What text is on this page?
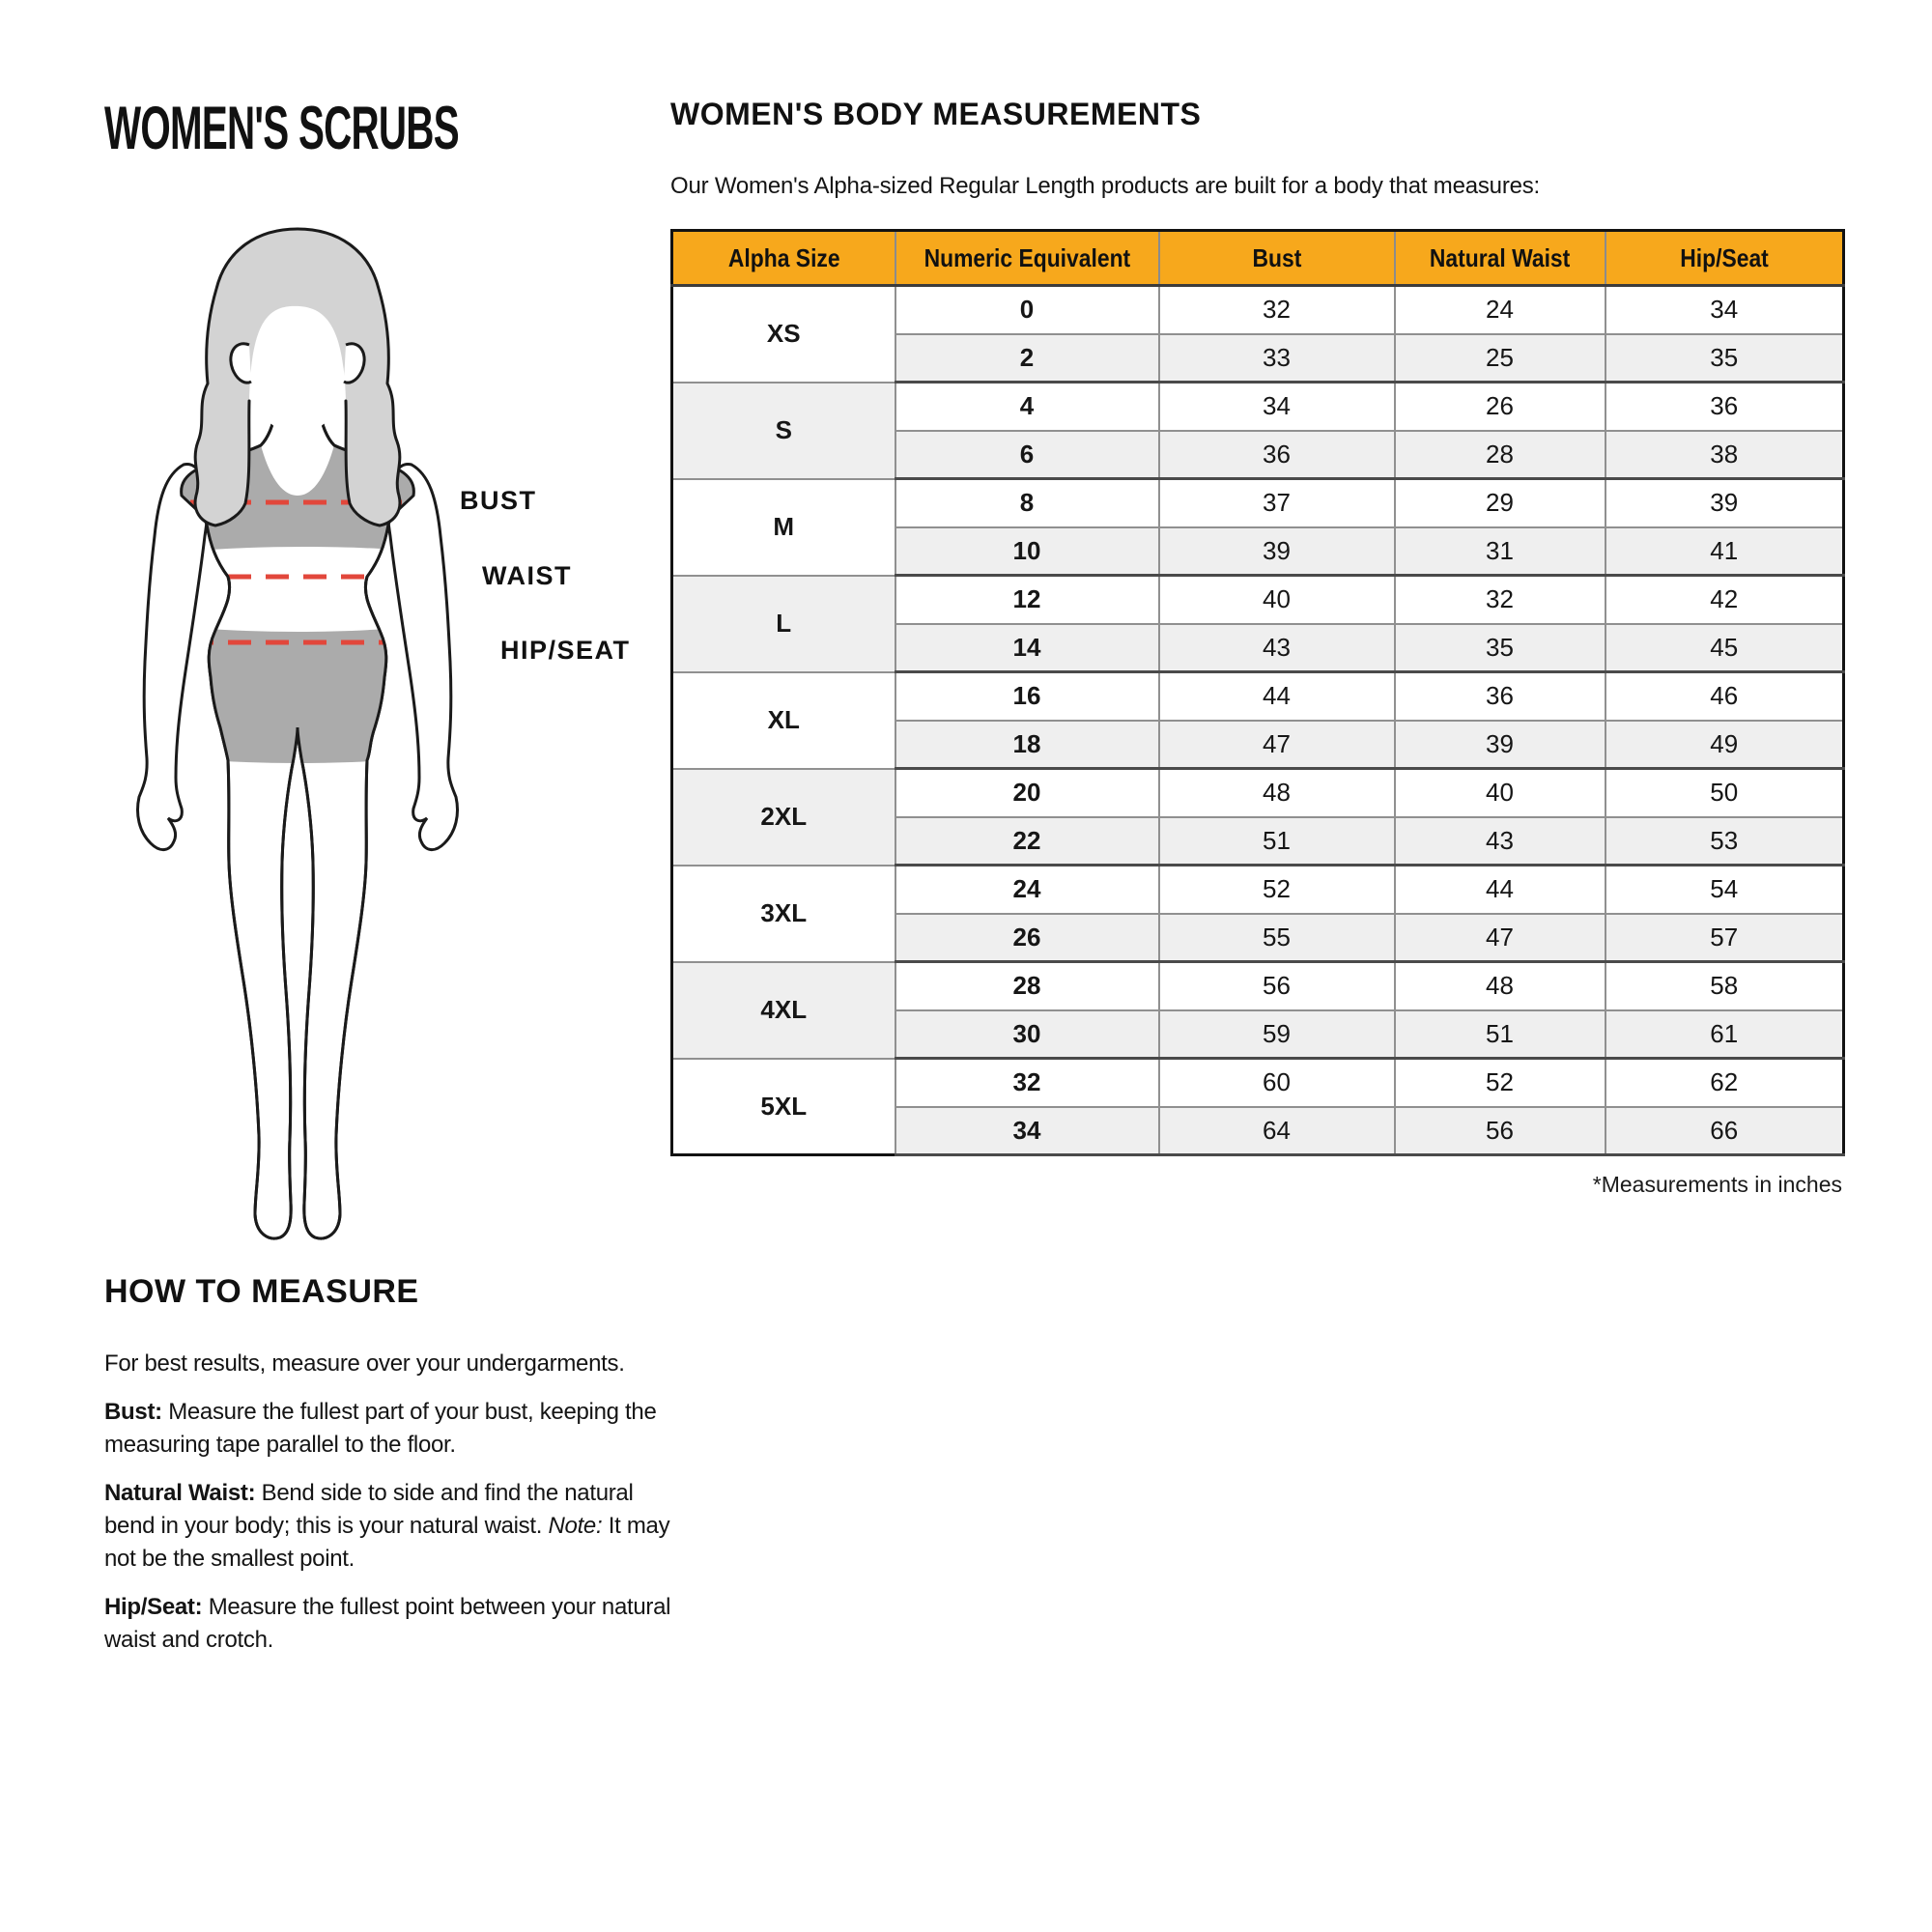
WOMEN'S SCRUBS
BUST
WAIST
HIP/SEAT
WOMEN'S BODY MEASUREMENTS
Our Women's Alpha-sized Regular Length products are built for a body that measures:
Alpha Size	Numeric Equivalent	Bust	Natural Waist	Hip/Seat
XS	0	32	24	34
	2	33	25	35
S	4	34	26	36
	6	36	28	38
M	8	37	29	39
	10	39	31	41
L	12	40	32	42
	14	43	35	45
XL	16	44	36	46
	18	47	39	49
2XL	20	48	40	50
	22	51	43	53
3XL	24	52	44	54
	26	55	47	57
4XL	28	56	48	58
	30	59	51	61
5XL	32	60	52	62
	34	64	56	66
*Measurements in inches
HOW TO MEASURE

For best results, measure over your undergarments.

Bust: Measure the fullest part of your bust, keeping the measuring tape parallel to the floor.

Natural Waist: Bend side to side and find the natural bend in your body; this is your natural waist. Note: It may not be the smallest point.

Hip/Seat: Measure the fullest point between your natural waist and crotch.
